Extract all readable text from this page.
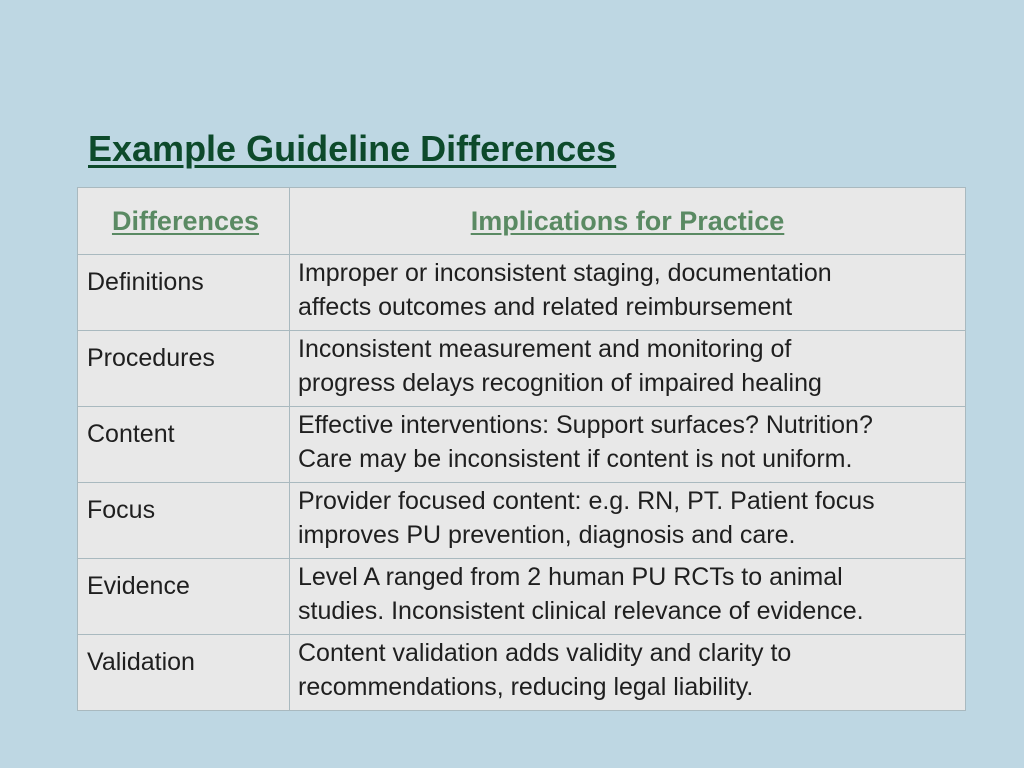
Example Guideline Differences
Differences	Implications for Practice
Definitions	Improper or inconsistent staging, documentation
affects outcomes and related reimbursement

Procedures	Inconsistent measurement and monitoring of
progress delays recognition of impaired healing

Content	Effective interventions: Support surfaces? Nutrition?
Care may be inconsistent if content is not uniform.

Focus	Provider focused content: e.g. RN, PT. Patient focus
improves PU prevention, diagnosis and care.

Evidence	Level A ranged from 2 human PU RCTs to animal
studies. Inconsistent clinical relevance of evidence.

Validation	Content validation adds validity and clarity to
recommendations, reducing legal liability.
